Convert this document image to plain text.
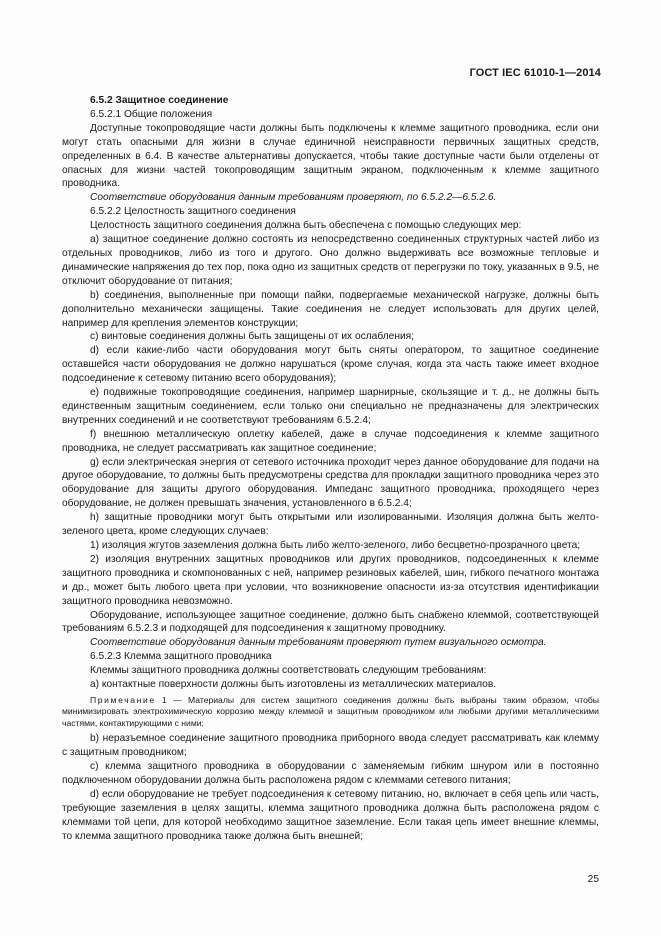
ГОСТ IEC 61010-1—2014

6.5.2 Защитное соединение

6.5.2.1 Общие положения

Доступные токопроводящие части должны быть подключены к клемме защитного проводника, если они могут стать опасными для жизни в случае единичной неисправности первичных защитных средств, определенных в 6.4. В качестве альтернативы допускается, чтобы такие доступные части были отделены от опасных для жизни частей токопроводящим защитным экраном, подключенным к клемме защитного проводника.

Соответствие оборудования данным требованиям проверяют, по 6.5.2.2—6.5.2.6.

6.5.2.2 Целостность защитного соединения

Целостность защитного соединения должна быть обеспечена с помощью следующих мер:

a) защитное соединение должно состоять из непосредственно соединенных структурных частей либо из отдельных проводников, либо из того и другого. Оно должно выдерживать все возможные тепловые и динамические напряжения до тех пор, пока одно из защитных средств от перегрузки по току, указанных в 9.5, не отключит оборудование от питания;

b) соединения, выполненные при помощи пайки, подвергаемые механической нагрузке, должны быть дополнительно механически защищены. Такие соединения не следует использовать для других целей, например для крепления элементов конструкции;

c) винтовые соединения должны быть защищены от их ослабления;

d) если какие-либо части оборудования могут быть сняты оператором, то защитное соединение оставшейся части оборудования не должно нарушаться (кроме случая, когда эта часть также имеет входное подсоединение к сетевому питанию всего оборудования);

e) подвижные токопроводящие соединения, например шарнирные, скользящие и т. д., не должны быть единственным защитным соединением, если только они специально не предназначены для электрических внутренних соединений и не соответствуют требованиям 6.5.2.4;

f) внешнюю металлическую оплетку кабелей, даже в случае подсоединения к клемме защитного проводника, не следует рассматривать как защитное соединение;

g) если электрическая энергия от сетевого источника проходит через данное оборудование для подачи на другое оборудование, то должны быть предусмотрены средства для прокладки защитного проводника через это оборудование для защиты другого оборудования. Импеданс защитного проводника, проходящего через оборудование, не должен превышать значения, установленного в 6.5.2.4;

h) защитные проводники могут быть открытыми или изолированными. Изоляция должна быть желто-зеленого цвета, кроме следующих случаев:

1) изоляция жгутов заземления должна быть либо желто-зеленого, либо бесцветно-прозрачного цвета;

2) изоляция внутренних защитных проводников или других проводников, подсоединенных к клемме защитного проводника и скомпонованных с ней, например резиновых кабелей, шин, гибкого печатного монтажа и др., может быть любого цвета при условии, что возникновение опасности из-за отсутствия идентификации защитного проводника невозможно.

Оборудование, использующее защитное соединение, должно быть снабжено клеммой, соответствующей требованиям 6.5.2.3 и подходящей для подсоединения к защитному проводнику.

Соответствие оборудования данным требованиям проверяют путем визуального осмотра.

6.5.2.3 Клемма защитного проводника

Клеммы защитного проводника должны соответствовать следующим требованиям:

a) контактные поверхности должны быть изготовлены из металлических материалов.

Примечание 1 — Материалы для систем защитного соединения должны быть выбраны таким образом, чтобы минимизировать электрохимическую коррозию между клеммой и защитным проводником или любыми другими металлическими частями, контактирующими с ними;

b) неразъемное соединение защитного проводника приборного ввода следует рассматривать как клемму с защитным проводником;

c) клемма защитного проводника в оборудовании с заменяемым гибким шнуром или в постоянно подключенном оборудовании должна быть расположена рядом с клеммами сетевого питания;

d) если оборудование не требует подсоединения к сетевому питанию, но, включает в себя цепь или часть, требующие заземления в целях защиты, клемма защитного проводника должна быть расположена рядом с клеммами той цепи, для которой необходимо защитное заземление. Если такая цепь имеет внешние клеммы, то клемма защитного проводника также должна быть внешней;

25
